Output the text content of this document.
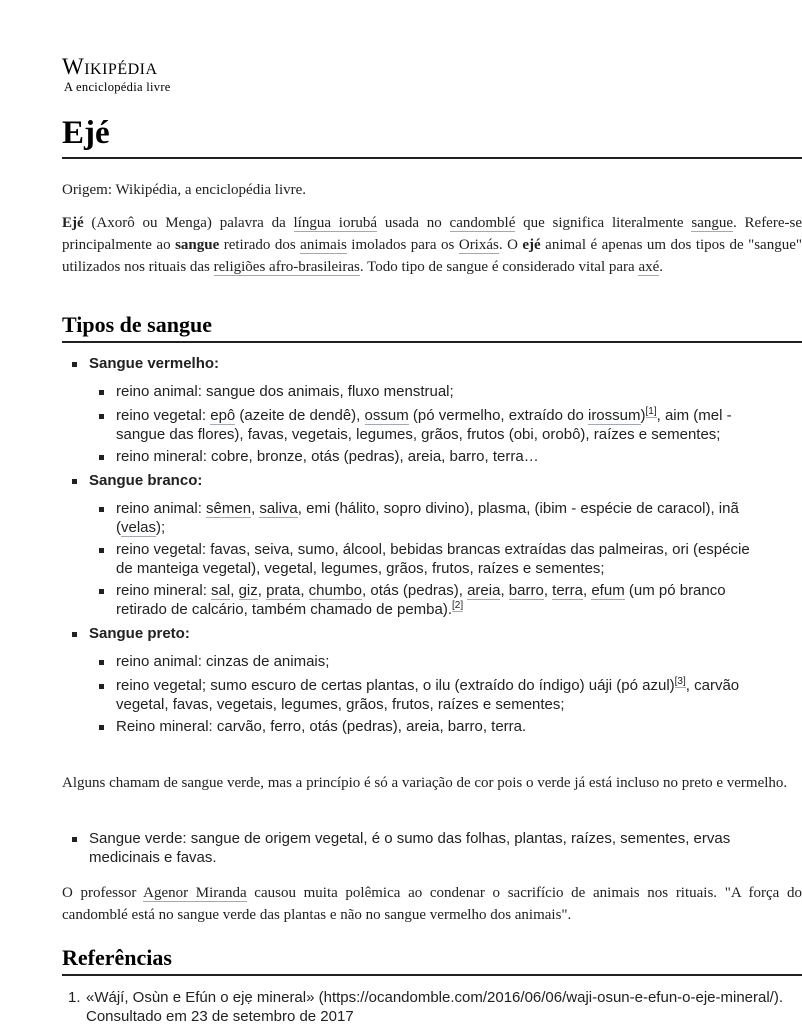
Wikipédia
A enciclopédia livre
Ejé

Origem: Wikipédia, a enciclopédia livre.

Ejé (Axorô ou Menga) palavra da língua iorubá usada no candomblé que significa literalmente sangue. Refere-se principalmente ao sangue retirado dos animais imolados para os Orixás. O ejé animal é apenas um dos tipos de "sangue" utilizados nos rituais das religiões afro-brasileiras. Todo tipo de sangue é considerado vital para axé.

Tipos de sangue
Sangue vermelho:
reino animal: sangue dos animais, fluxo menstrual;
reino vegetal: epô (azeite de dendê), ossum (pó vermelho, extraído do irossum)[1], aim (mel - sangue das flores), favas, vegetais, legumes, grãos, frutos (obi, orobô), raízes e sementes;
reino mineral: cobre, bronze, otás (pedras), areia, barro, terra…
Sangue branco:
reino animal: sêmen, saliva, emi (hálito, sopro divino), plasma, (ibim - espécie de caracol), inã (velas);
reino vegetal: favas, seiva, sumo, álcool, bebidas brancas extraídas das palmeiras, ori (espécie de manteiga vegetal), vegetal, legumes, grãos, frutos, raízes e sementes;
reino mineral: sal, giz, prata, chumbo, otás (pedras), areia, barro, terra, efum (um pó branco retirado de calcário, também chamado de pemba).[2]
Sangue preto:
reino animal: cinzas de animais;
reino vegetal; sumo escuro de certas plantas, o ilu (extraído do índigo) uáji (pó azul)[3], carvão vegetal, favas, vegetais, legumes, grãos, frutos, raízes e sementes;
Reino mineral: carvão, ferro, otás (pedras), areia, barro, terra.

Alguns chamam de sangue verde, mas a princípio é só a variação de cor pois o verde já está incluso no preto e vermelho.

Sangue verde: sangue de origem vegetal, é o sumo das folhas, plantas, raízes, sementes, ervas medicinais e favas.

O professor Agenor Miranda causou muita polêmica ao condenar o sacrifício de animais nos rituais. "A força do candomblé está no sangue verde das plantas e não no sangue vermelho dos animais".

Referências
1. «Wájí, Osùn e Efún o ejẹ mineral» (https://ocandomble.com/2016/06/06/waji-osun-e-efun-o-eje-mineral/). Consultado em 23 de setembro de 2017
